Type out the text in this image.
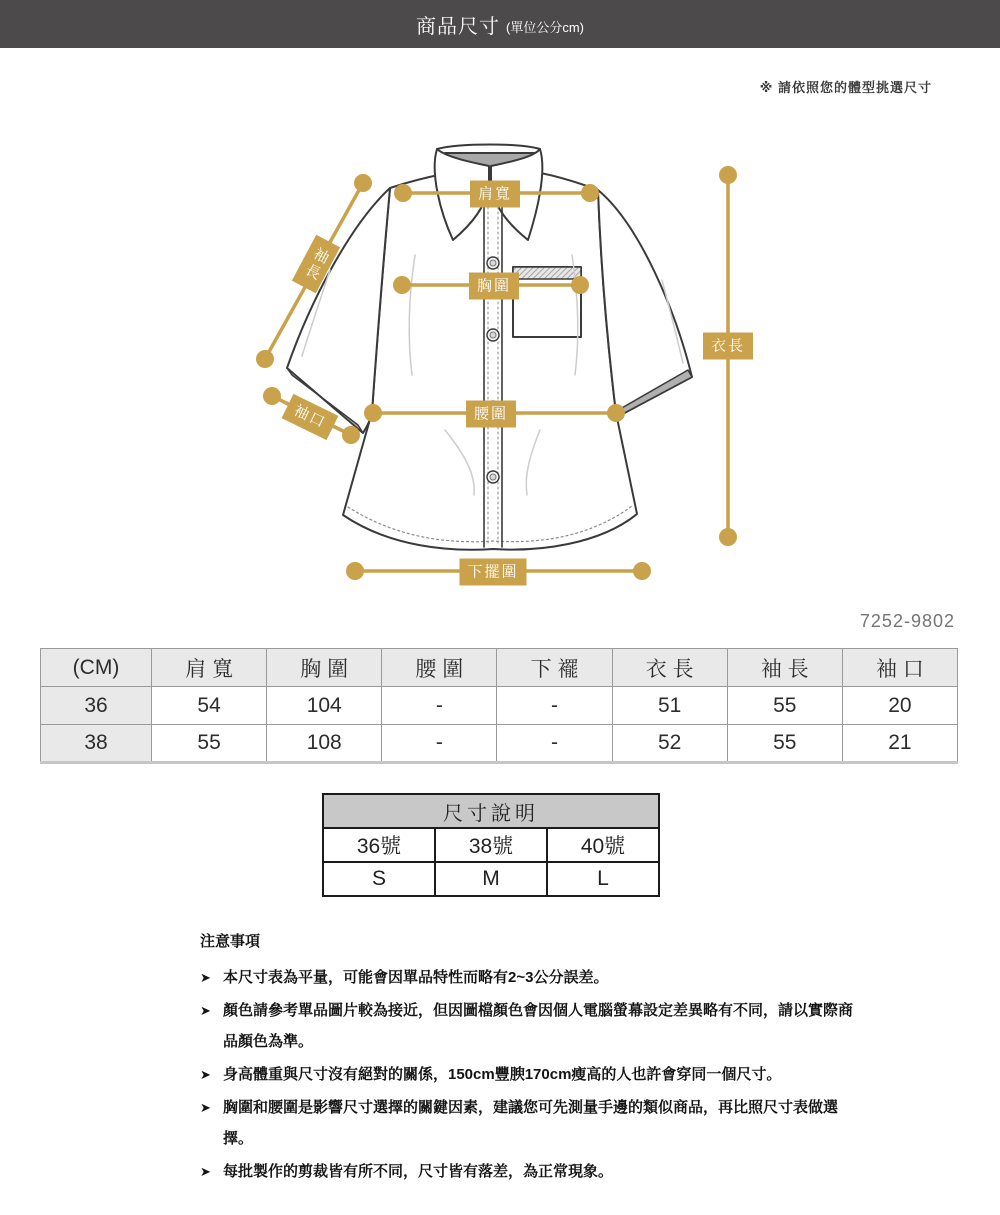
商品尺寸 (單位公分cm)
※ 請依照您的體型挑選尺寸
肩寬
胸圍
腰圍
下擺圍
衣長
袖長
袖口
7252-9802
(CM)	肩 寬	胸 圍	腰 圍	下 襬	衣 長	袖 長	袖 口
36	54	104	-	-	51	55	20
38	55	108	-	-	52	55	21
尺寸說明		
36號	38號	40號
S	M	L
注意事項
➤ 本尺寸表為平量，可能會因單品特性而略有2~3公分誤差。
➤ 顏色請參考單品圖片較為接近，但因圖檔顏色會因個人電腦螢幕設定差異略有不同，請以實際商品顏色為準。
➤ 身高體重與尺寸沒有絕對的關係，150cm豐腴170cm瘦高的人也許會穿同一個尺寸。
➤ 胸圍和腰圍是影響尺寸選擇的關鍵因素，建議您可先測量手邊的類似商品，再比照尺寸表做選擇。
➤ 每批製作的剪裁皆有所不同，尺寸皆有落差，為正常現象。
